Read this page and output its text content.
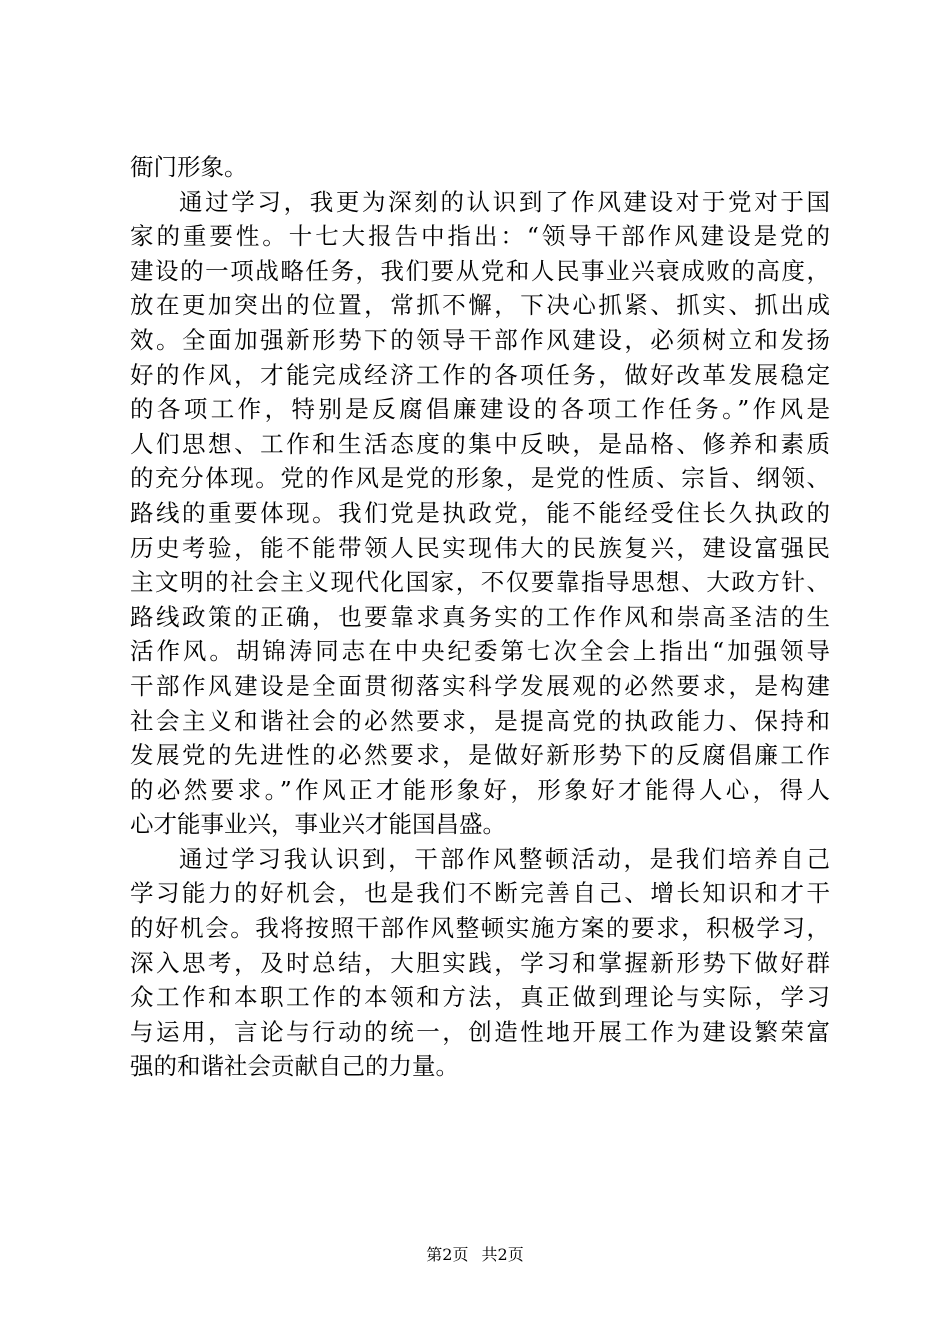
衙门形象。
通过学习，我更为深刻的认识到了作风建设对于党对于国
家的重要性。十七大报告中指出：“领导干部作风建设是党的
建设的一项战略任务，我们要从党和人民事业兴衰成败的高度，
放在更加突出的位置，常抓不懈，下决心抓紧、抓实、抓出成
效。全面加强新形势下的领导干部作风建设，必须树立和发扬
好的作风，才能完成经济工作的各项任务，做好改革发展稳定
的各项工作，特别是反腐倡廉建设的各项工作任务。”作风是
人们思想、工作和生活态度的集中反映，是品格、修养和素质
的充分体现。党的作风是党的形象，是党的性质、宗旨、纲领、
路线的重要体现。我们党是执政党，能不能经受住长久执政的
历史考验，能不能带领人民实现伟大的民族复兴，建设富强民
主文明的社会主义现代化国家，不仅要靠指导思想、大政方针、
路线政策的正确，也要靠求真务实的工作作风和崇高圣洁的生
活作风。胡锦涛同志在中央纪委第七次全会上指出“加强领导
干部作风建设是全面贯彻落实科学发展观的必然要求，是构建
社会主义和谐社会的必然要求，是提高党的执政能力、保持和
发展党的先进性的必然要求，是做好新形势下的反腐倡廉工作
的必然要求。”作风正才能形象好，形象好才能得人心，得人
心才能事业兴，事业兴才能国昌盛。
通过学习我认识到，干部作风整顿活动，是我们培养自己
学习能力的好机会，也是我们不断完善自己、增长知识和才干
的好机会。我将按照干部作风整顿实施方案的要求，积极学习，
深入思考，及时总结，大胆实践，学习和掌握新形势下做好群
众工作和本职工作的本领和方法，真正做到理论与实际，学习
与运用，言论与行动的统一，创造性地开展工作为建设繁荣富
强的和谐社会贡献自己的力量。
第2页 共2页
